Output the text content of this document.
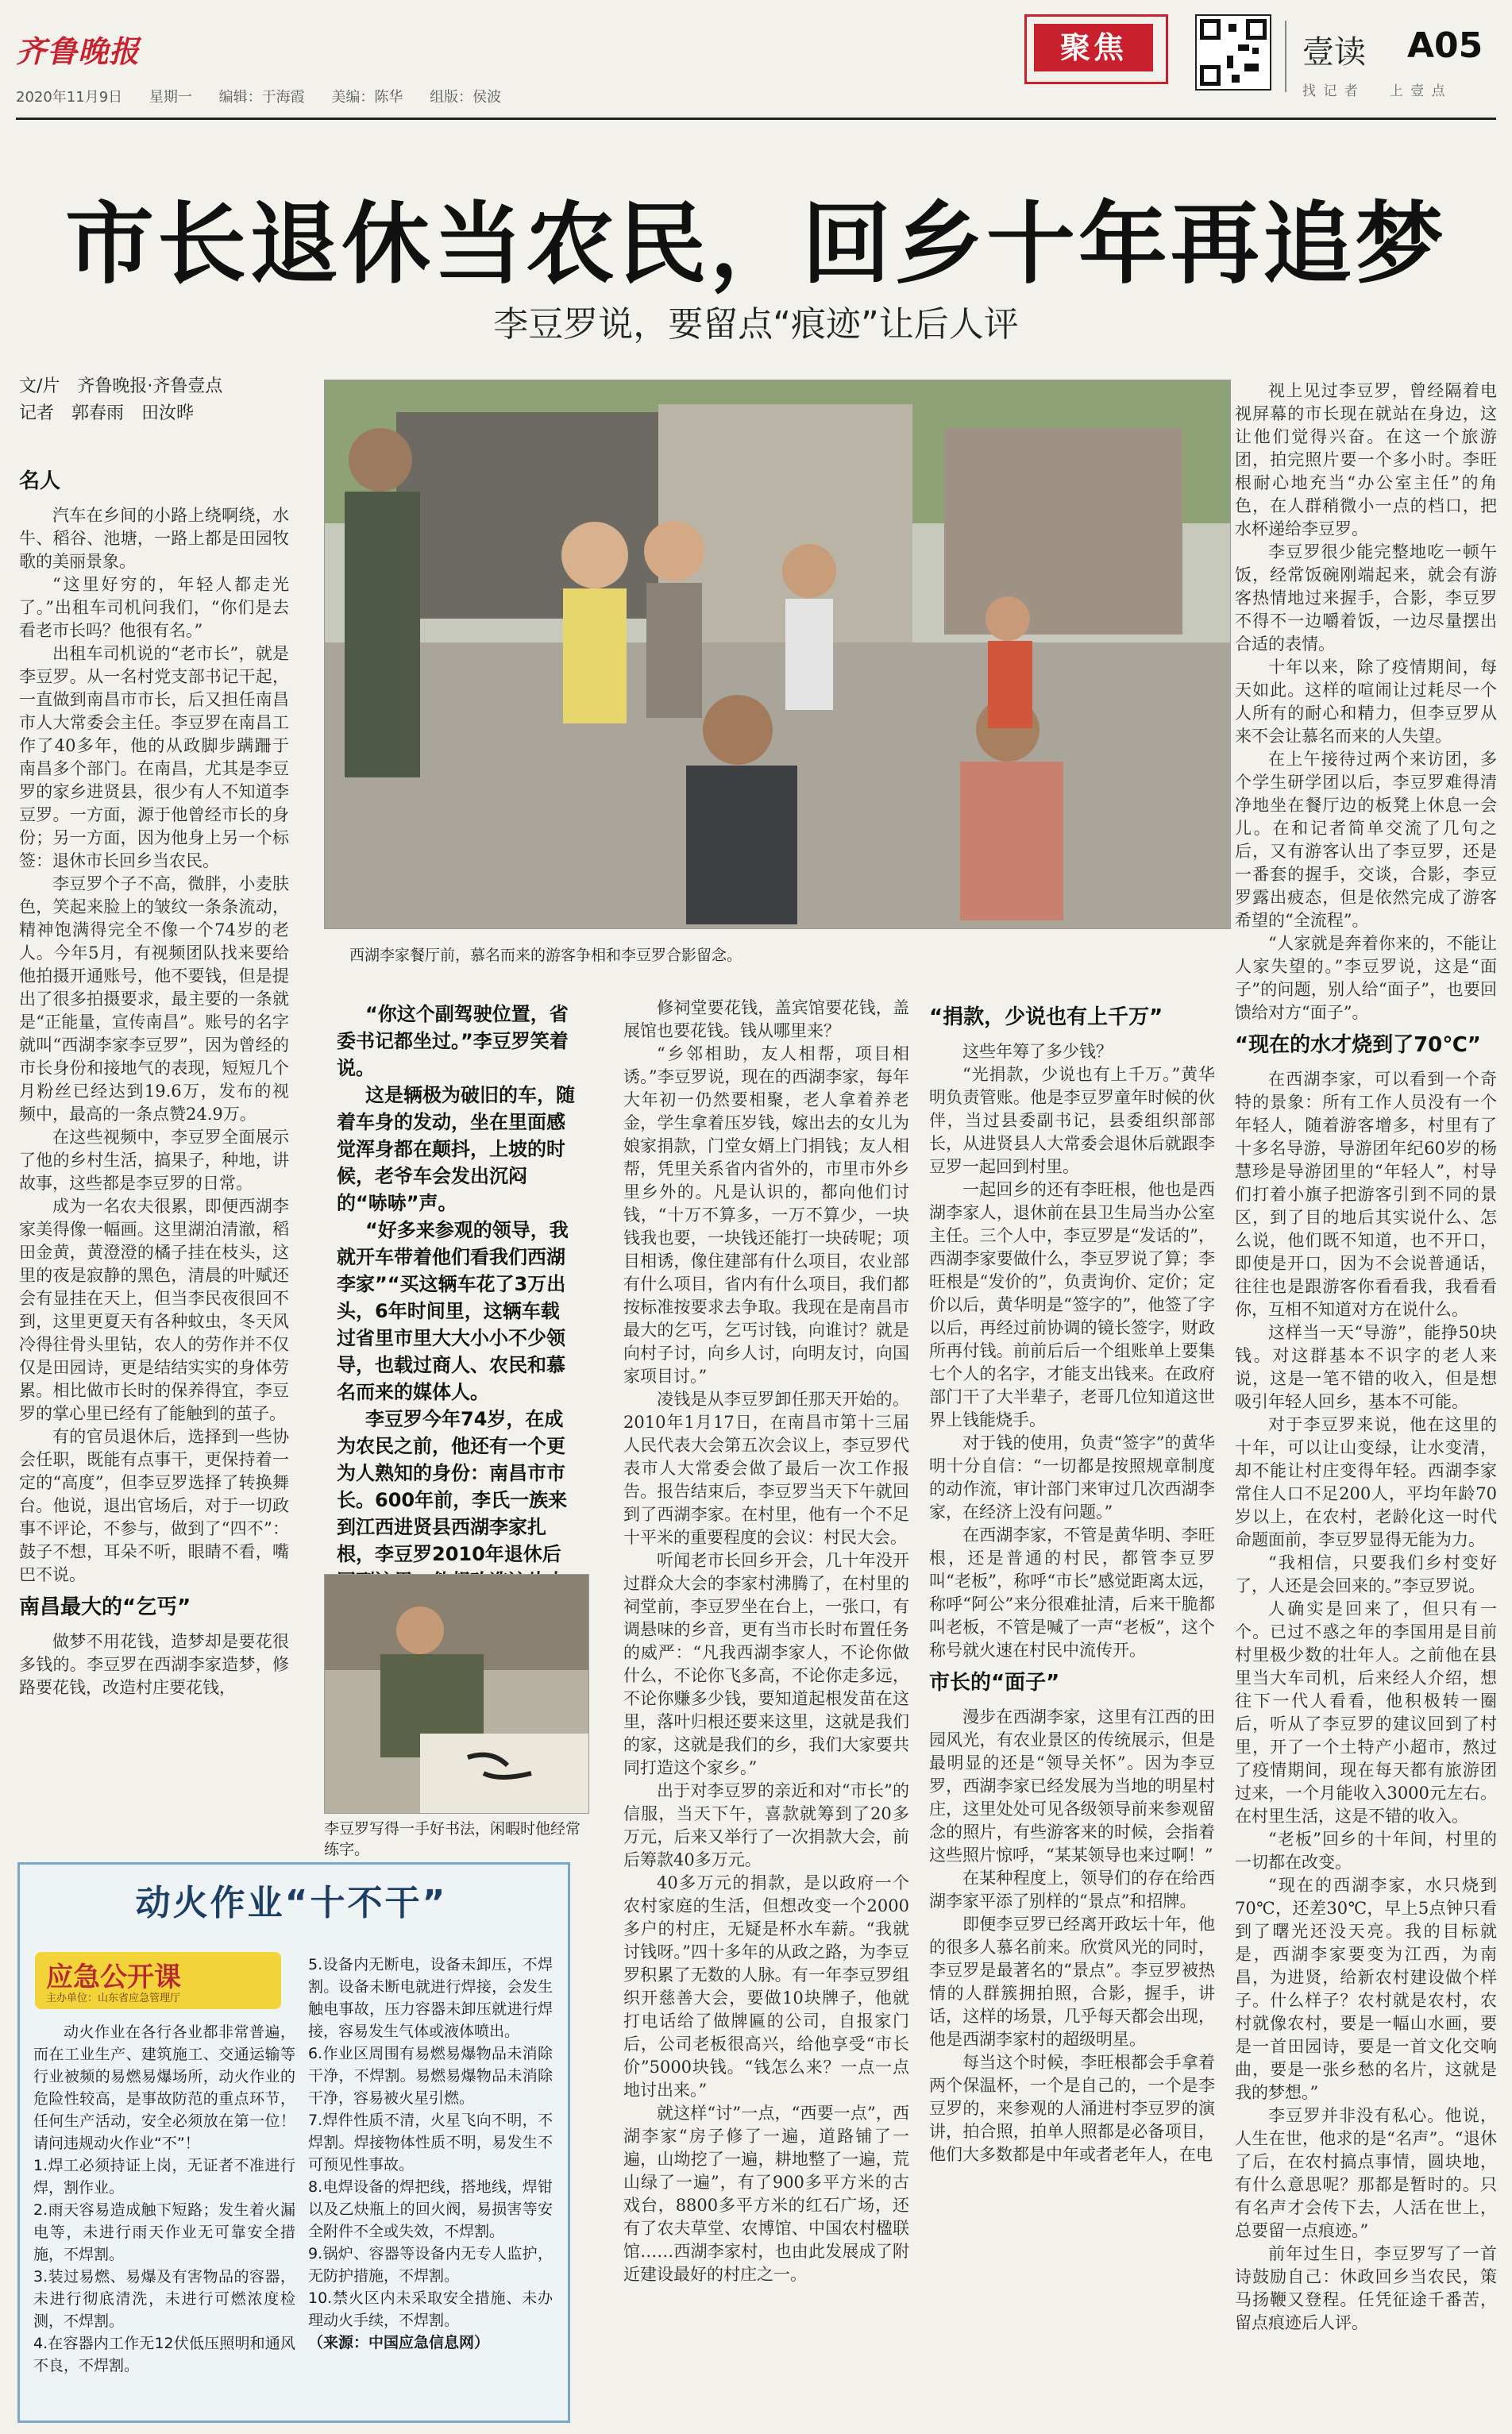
齐鲁晚报
2020年11月9日 星期一 编辑：于海霞 美编：陈华 组版：侯波
聚焦	壹读 A05
找 记 者　　上 壹 点
市长退休当农民，回乡十年再追梦
李豆罗说，要留点“痕迹”让后人评
文/片　齐鲁晚报·齐鲁壹点
记者　郭春雨　田汝晔
西湖李家餐厅前，慕名而来的游客争相和李豆罗合影留念。
名人

汽车在乡间的小路上绕啊绕，水牛、稻谷、池塘，一路上都是田园牧歌的美丽景象。

“这里好穷的，年轻人都走光了。”出租车司机问我们，“你们是去看老市长吗？他很有名。”

出租车司机说的“老市长”，就是李豆罗。从一名村党支部书记干起，一直做到南昌市市长，后又担任南昌市人大常委会主任。李豆罗在南昌工作了40多年，他的从政脚步蹒跚于南昌多个部门。在南昌，尤其是李豆罗的家乡进贤县，很少有人不知道李豆罗。一方面，源于他曾经市长的身份；另一方面，因为他身上另一个标签：退休市长回乡当农民。

李豆罗个子不高，微胖，小麦肤色，笑起来脸上的皱纹一条条流动，精神饱满得完全不像一个74岁的老人。今年5月，有视频团队找来要给他拍摄开通账号，他不要钱，但是提出了很多拍摄要求，最主要的一条就是“正能量，宣传南昌”。账号的名字就叫“西湖李家李豆罗”，因为曾经的市长身份和接地气的表现，短短几个月粉丝已经达到19.6万，发布的视频中，最高的一条点赞24.9万。

在这些视频中，李豆罗全面展示了他的乡村生活，搞果子，种地，讲故事，这些都是李豆罗的日常。

成为一名农夫很累，即便西湖李家美得像一幅画。这里湖泊清澈，稻田金黄，黄澄澄的橘子挂在枝头，这里的夜是寂静的黑色，清晨的叶赋还会有显挂在天上，但当李民夜很回不到，这里更夏天有各种蚊虫，冬天风冷得往骨头里钻，农人的劳作并不仅仅是田园诗，更是结结实实的身体劳累。相比做市长时的保养得宜，李豆罗的掌心里已经有了能触到的茧子。

有的官员退休后，选择到一些协会任职，既能有点事干，更保持着一定的“高度”，但李豆罗选择了转换舞台。他说，退出官场后，对于一切政事不评论，不参与，做到了“四不”：鼓子不想，耳朵不听，眼睛不看，嘴巴不说。

南昌最大的“乞丐”

做梦不用花钱，造梦却是要花很多钱的。李豆罗在西湖李家造梦，修路要花钱，改造村庄要花钱，

“你这个副驾驶位置，省委书记都坐过。”李豆罗笑着说。

这是辆极为破旧的车，随着车身的发动，坐在里面感觉浑身都在颠抖，上坡的时候，老爷车会发出沉闷的“哧哧”声。

“好多来参观的领导，我就开车带着他们看我们西湖李家”“买这辆车花了3万出头，6年时间里，这辆车载过省里市里大大小小不少领导，也载过商人、农民和慕名而来的媒体人。

李豆罗今年74岁，在成为农民之前，他还有一个更为人熟知的身份：南昌市市长。600年前，李氏一族来到江西进贤县西湖李家扎根，李豆罗2010年退休后

李豆罗写得一手好书法，闲暇时他经常练字。

修祠堂要花钱，盖宾馆要花钱，盖展馆也要花钱。钱从哪里来？

“乡邻相助，友人相帮，项目相诱。”李豆罗说，现在的西湖李家，每年大年初一仍然要相聚，老人拿着养老金，学生拿着压岁钱，嫁出去的女儿为娘家捐款，门堂女婿上门捐钱；友人相帮，凭里关系省内省外的，市里市外乡里乡外的。凡是认识的，都向他们讨钱，“十万不算多，一万不算少，一块钱我也要，一块钱还能打一块砖呢；项目相诱，像住建部有什么项目，农业部有什么项目，省内有什么项目，我们都按标准按要求去争取。我现在是南昌市最大的乞丐，乞丐讨钱，向谁讨？就是向村子讨，向乡人讨，向明友讨，向国家项目讨。”

凌钱是从李豆罗卸任那天开始的。2010年1月17日，在南昌市第十三届人民代表大会第五次会议上，李豆罗代表市人大常委会做了最后一次工作报告。报告结束后，李豆罗当天下午就回到了西湖李家。在村里，他有一个不足十平米的重要程度的会议：村民大会。

听闻老市长回乡开会，几十年没开过群众大会的李家村沸腾了，在村里的祠堂前，李豆罗坐在台上，一张口，有调悬味的乡音，更有当市长时布置任务的威严：“凡我西湖李家人，不论你做什么，不论你飞多高，不论你走多远，不论你赚多少钱，要知道起根发苗在这里，落叶归根还要来这里，这就是我们的家，这就是我们的乡，我们大家要共同打造这个家乡。”

出于对李豆罗的亲近和对“市长”的信服，当天下午，喜款就筹到了20多万元，后来又举行了一次捐款大会，前后筹款40多万元。

40多万元的捐款，是以政府一个农村家庭的生活，但想改变一个2000多户的村庄，无疑是杯水车薪。“我就讨钱呀。”四十多年的从政之路，为李豆罗积累了无数的人脉。有一年李豆罗组织开慈善大会，要做10块牌子，他就打电话给了做牌匾的公司，自报家门后，公司老板很高兴，给他享受“市长价”5000块钱。“钱怎么来？一点一点地讨出来。”

就这样“讨”一点，“西要一点”，西湖李家“房子修了一遍，道路铺了一遍，山坳挖了一遍，耕地整了一遍，荒山绿了一遍”，有了900多平方米的古戏台，8800多平方米的红石广场，还有了农夫草堂、农博馆、中国农村楹联馆……西湖李家村，也由此发展成了附近建设最好的村庄之一。

“捐款，少说也有上千万”

这些年筹了多少钱？

“光捐款，少说也有上千万。”黄华明负责管账。他是李豆罗童年时候的伙伴，当过县委副书记，县委组织部部长，从进贤县人大常委会退休后就跟李豆罗一起回到村里。

一起回乡的还有李旺根，他也是西湖李家人，退休前在县卫生局当办公室主任。三个人中，李豆罗是“发话的”，西湖李家要做什么，李豆罗说了算；李旺根是“发价的”，负责询价、定价；定价以后，黄华明是“签字的”，他签了字以后，再经过前协调的镜长签字，财政所再付钱。前前后后一个组账单上要集七个人的名字，才能支出钱来。在政府部门干了大半辈子，老哥几位知道这世界上钱能烧手。

对于钱的使用，负责“签字”的黄华明十分自信：“一切都是按照规章制度的动作流，审计部门来审过几次西湖李家，在经济上没有问题。”

在西湖李家，不管是黄华明、李旺根，还是普通的村民，都管李豆罗叫“老板”，称呼“市长”感觉距离太远，称呼“阿公”来分很难扯清，后来干脆都叫老板，不管是喊了一声“老板”，这个称号就火速在村民中流传开。

市长的“面子”

漫步在西湖李家，这里有江西的田园风光，有农业景区的传统展示，但是最明显的还是“领导关怀”。因为李豆罗，西湖李家已经发展为当地的明星村庄，这里处处可见各级领导前来参观留念的照片，有些游客来的时候，会指着这些照片惊呼，“某某领导也来过啊！”

在某种程度上，领导们的存在给西湖李家平添了别样的“景点”和招牌。

即便李豆罗已经离开政坛十年，他的很多人慕名前来。欣赏风光的同时，李豆罗是最著名的“景点”。李豆罗被热情的人群簇拥拍照，合影，握手，讲话，这样的场景，几乎每天都会出现，他是西湖李家村的超级明星。

每当这个时候，李旺根都会手拿着两个保温杯，一个是自己的，一个是李豆罗的，来参观的人涌进村李豆罗的演讲，拍合照，拍单人照都是必备项目，他们大多数都是中年或者老年人，在电

视上见过李豆罗，曾经隔着电视屏幕的市长现在就站在身边，这让他们觉得兴奋。在这一个旅游团，拍完照片要一个多小时。李旺根耐心地充当“办公室主任”的角色，在人群稍微小一点的档口，把水杯递给李豆罗。

李豆罗很少能完整地吃一顿午饭，经常饭碗刚端起来，就会有游客热情地过来握手，合影，李豆罗不得不一边嚼着饭，一边尽量摆出合适的表情。

十年以来，除了疫情期间，每天如此。这样的喧闹让过耗尽一个人所有的耐心和精力，但李豆罗从来不会让慕名而来的人失望。

在上午接待过两个来访团，多个学生研学团以后，李豆罗难得清净地坐在餐厅边的板凳上休息一会儿。在和记者简单交流了几句之后，又有游客认出了李豆罗，还是一番套的握手，交谈，合影，李豆罗露出疲态，但是依然完成了游客希望的“全流程”。

“人家就是奔着你来的，不能让人家失望的。”李豆罗说，这是“面子”的问题，别人给“面子”，也要回馈给对方“面子”。

“现在的水才烧到了70℃”

在西湖李家，可以看到一个奇特的景象：所有工作人员没有一个年轻人，随着游客增多，村里有了十多名导游，导游团年纪60岁的杨慧珍是导游团里的“年轻人”，村导们打着小旗子把游客引到不同的景区，到了目的地后其实说什么、怎么说，他们既不知道，也不开口，即使是开口，因为不会说普通话，往往也是跟游客你看看我，我看看你，互相不知道对方在说什么。

这样当一天“导游”，能挣50块钱。对这群基本不识字的老人来说，这是一笔不错的收入，但是想吸引年轻人回乡，基本不可能。

对于李豆罗来说，他在这里的十年，可以让山变绿，让水变清，却不能让村庄变得年轻。西湖李家常住人口不足200人，平均年龄70岁以上，在农村，老龄化这一时代命题面前，李豆罗显得无能为力。

“我相信，只要我们乡村变好了，人还是会回来的。”李豆罗说。

人确实是回来了，但只有一个。已过不惑之年的李国用是目前村里极少数的壮年人。之前他在县里当大车司机，后来经人介绍，想往下一代人看看，他积极转一圈后，听从了李豆罗的建议回到了村里，开了一个土特产小超市，熬过了疫情期间，现在每天都有旅游团过来，一个月能收入3000元左右。在村里生活，这是不错的收入。

“老板”回乡的十年间，村里的一切都在改变。

“现在的西湖李家，水只烧到70℃，还差30℃，早上5点钟只看到了曙光还没天亮。我的目标就是，西湖李家要变为江西，为南昌，为进贤，给新农村建设做个样子。什么样子？农村就是农村，农村就像农村，要是一幅山水画，要是一首田园诗，要是一首文化交响曲，要是一张乡愁的名片，这就是我的梦想。”

李豆罗并非没有私心。他说，人生在世，他求的是“名声”。“退休了后，在农村搞点事情，圆块地，有什么意思呢？那都是暂时的。只有名声才会传下去，人活在世上，总要留一点痕迹。”

前年过生日，李豆罗写了一首诗鼓励自己：休政回乡当农民，策马扬鞭又登程。任凭征途千番苦，留点痕迹后人评。

动火作业“十不干”
应急公开课
主办单位：山东省应急管理厅

动火作业在各行各业都非常普遍，而在工业生产、建筑施工、交通运输等行业被频的易燃易爆场所，动火作业的危险性较高，是事故防范的重点环节，任何生产活动，安全必须放在第一位！请问违规动火作业“不”！

1.焊工必须持证上岗，无证者不准进行焊，割作业。

2.雨天容易造成触下短路；发生着火漏电等，未进行雨天作业无可靠安全措施，不焊割。

3.装过易燃、易爆及有害物品的容器，未进行彻底清洗，未进行可燃浓度检测，不焊割。

4.在容器内工作无12伏低压照明和通风不良，不焊割。

5.设备内无断电，设备未卸压，不焊割。设备未断电就进行焊接，会发生触电事故，压力容器未卸压就进行焊接，容易发生气体或液体喷出。

6.作业区周围有易燃易爆物品未消除干净，不焊割。易燃易爆物品未消除干净，容易被火星引燃。

7.焊件性质不清，火星飞向不明，不焊割。焊接物体性质不明，易发生不可预见性事故。

8.电焊设备的焊把线，搭地线，焊钳以及乙炔瓶上的回火阀，易损害等安全附件不全或失效，不焊割。

9.锅炉、容器等设备内无专人监护，无防护措施，不焊割。

10.禁火区内未采取安全措施、未办理动火手续，不焊割。

（来源：中国应急信息网）
